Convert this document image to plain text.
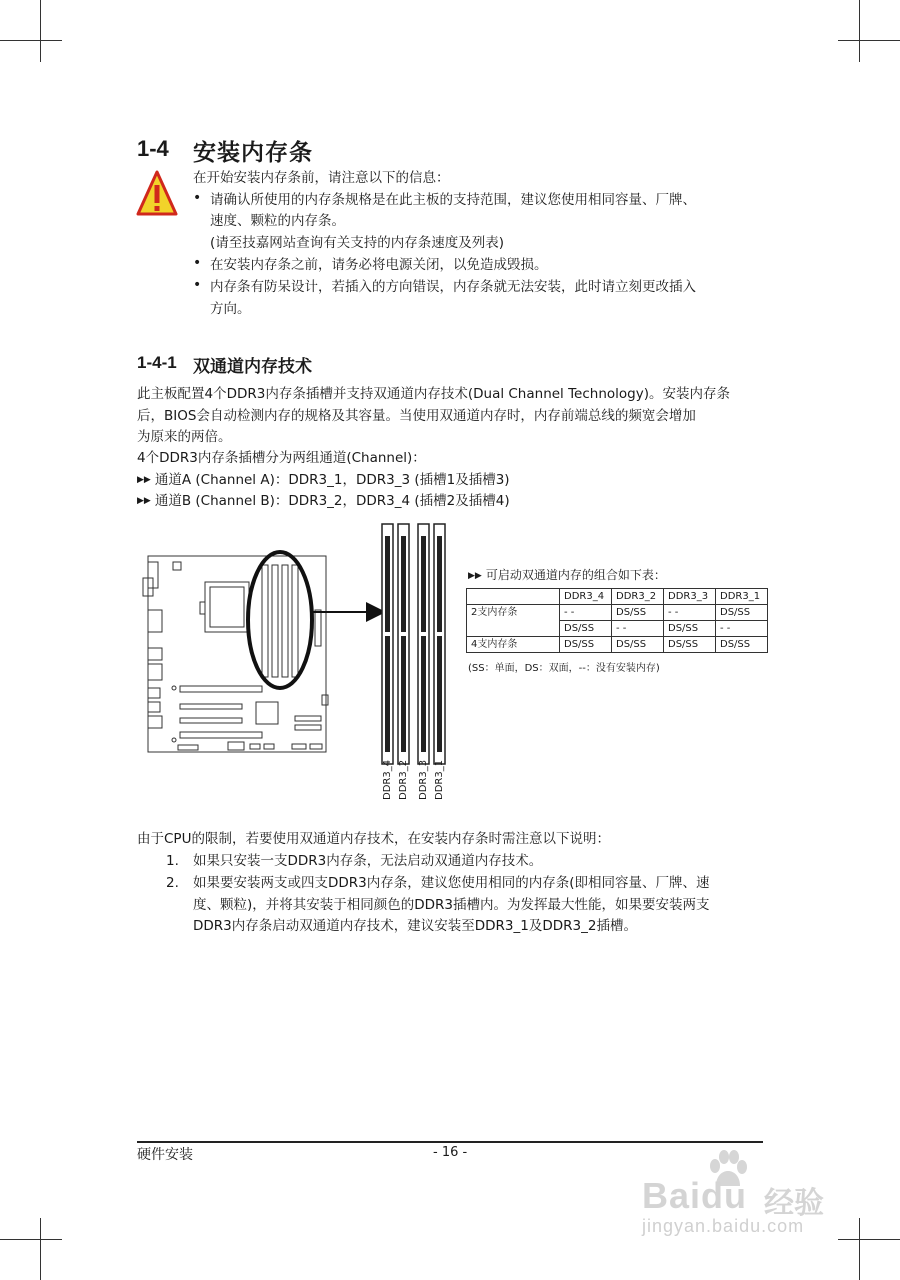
1-4 安装内存条
在开始安装内存条前，请注意以下的信息：
• 请确认所使用的内存条规格是在此主板的支持范围，建议您使用相同容量、厂牌、
速度、颗粒的内存条。
(请至技嘉网站查询有关支持的内存条速度及列表)
• 在安装内存条之前，请务必将电源关闭，以免造成毁损。
• 内存条有防呆设计，若插入的方向错误，内存条就无法安装，此时请立刻更改插入
方向。
1-4-1 双通道内存技术
此主板配置4个DDR3内存条插槽并支持双通道内存技术(Dual Channel Technology)。安装内存条
后，BIOS会自动检测内存的规格及其容量。当使用双通道内存时，内存前端总线的频宽会增加
为原来的两倍。
4个DDR3内存条插槽分为两组通道(Channel)：
▶▶ 通道A (Channel A)：DDR3_1，DDR3_3 (插槽1及插槽3)
▶▶ 通道B (Channel B)：DDR3_2，DDR3_4 (插槽2及插槽4)
DDR3_4 DDR3_2 DDR3_3 DDR3_1
▶▶ 可启动双通道内存的组合如下表：
	DDR3_4	DDR3_2	DDR3_3	DDR3_1
2支内存条	- -	DS/SS	- -	DS/SS
	DS/SS	- -	DS/SS	- -
4支内存条	DS/SS	DS/SS	DS/SS	DS/SS
(SS：单面，DS：双面，--：没有安装内存)
由于CPU的限制，若要使用双通道内存技术，在安装内存条时需注意以下说明：
1. 如果只安装一支DDR3内存条，无法启动双通道内存技术。
2. 如果要安装两支或四支DDR3内存条，建议您使用相同的内存条(即相同容量、厂牌、速
度、颗粒)，并将其安装于相同颜色的DDR3插槽内。为发挥最大性能，如果要安装两支
DDR3内存条启动双通道内存技术，建议安装至DDR3_1及DDR3_2插槽。
硬件安装	- 16 -
Baidu 经验
jingyan.baidu.com
